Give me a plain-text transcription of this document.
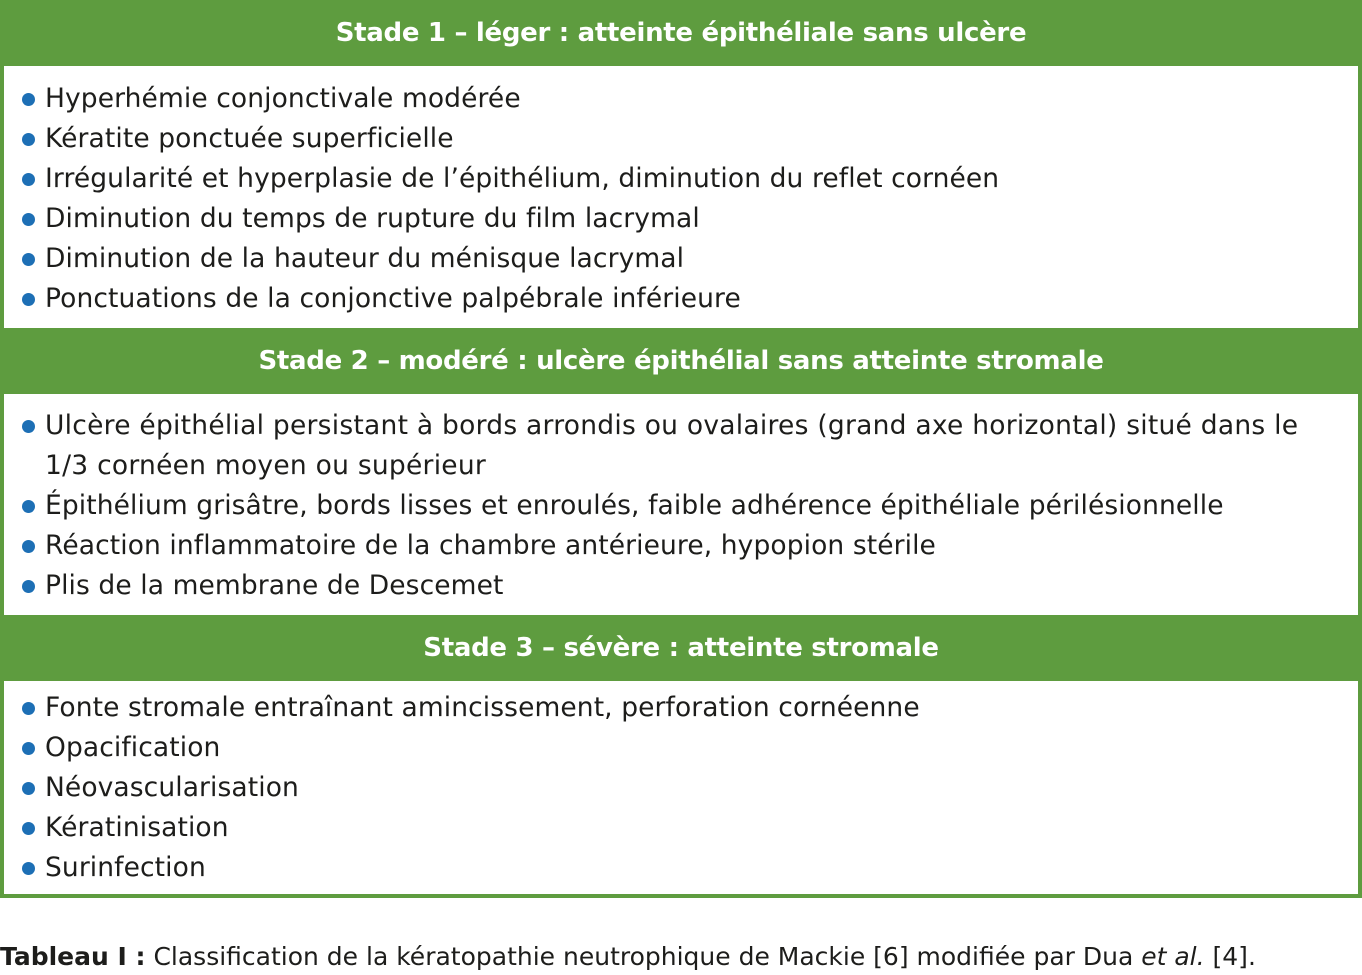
Stade 1 – léger : atteinte épithéliale sans ulcère
Hyperhémie conjonctivale modérée
Kératite ponctuée superficielle
Irrégularité et hyperplasie de l’épithélium, diminution du reflet cornéen
Diminution du temps de rupture du film lacrymal
Diminution de la hauteur du ménisque lacrymal
Ponctuations de la conjonctive palpébrale inférieure
Stade 2 – modéré : ulcère épithélial sans atteinte stromale
Ulcère épithélial persistant à bords arrondis ou ovalaires (grand axe horizontal) situé dans le 1/3 cornéen moyen ou supérieur
Épithélium grisâtre, bords lisses et enroulés, faible adhérence épithéliale périlésionnelle
Réaction inflammatoire de la chambre antérieure, hypopion stérile
Plis de la membrane de Descemet
Stade 3 – sévère : atteinte stromale
Fonte stromale entraînant amincissement, perforation cornéenne
Opacification
Néovascularisation
Kératinisation
Surinfection
Tableau I : Classification de la kératopathie neutrophique de Mackie [6] modifiée par Dua et al. [4].
